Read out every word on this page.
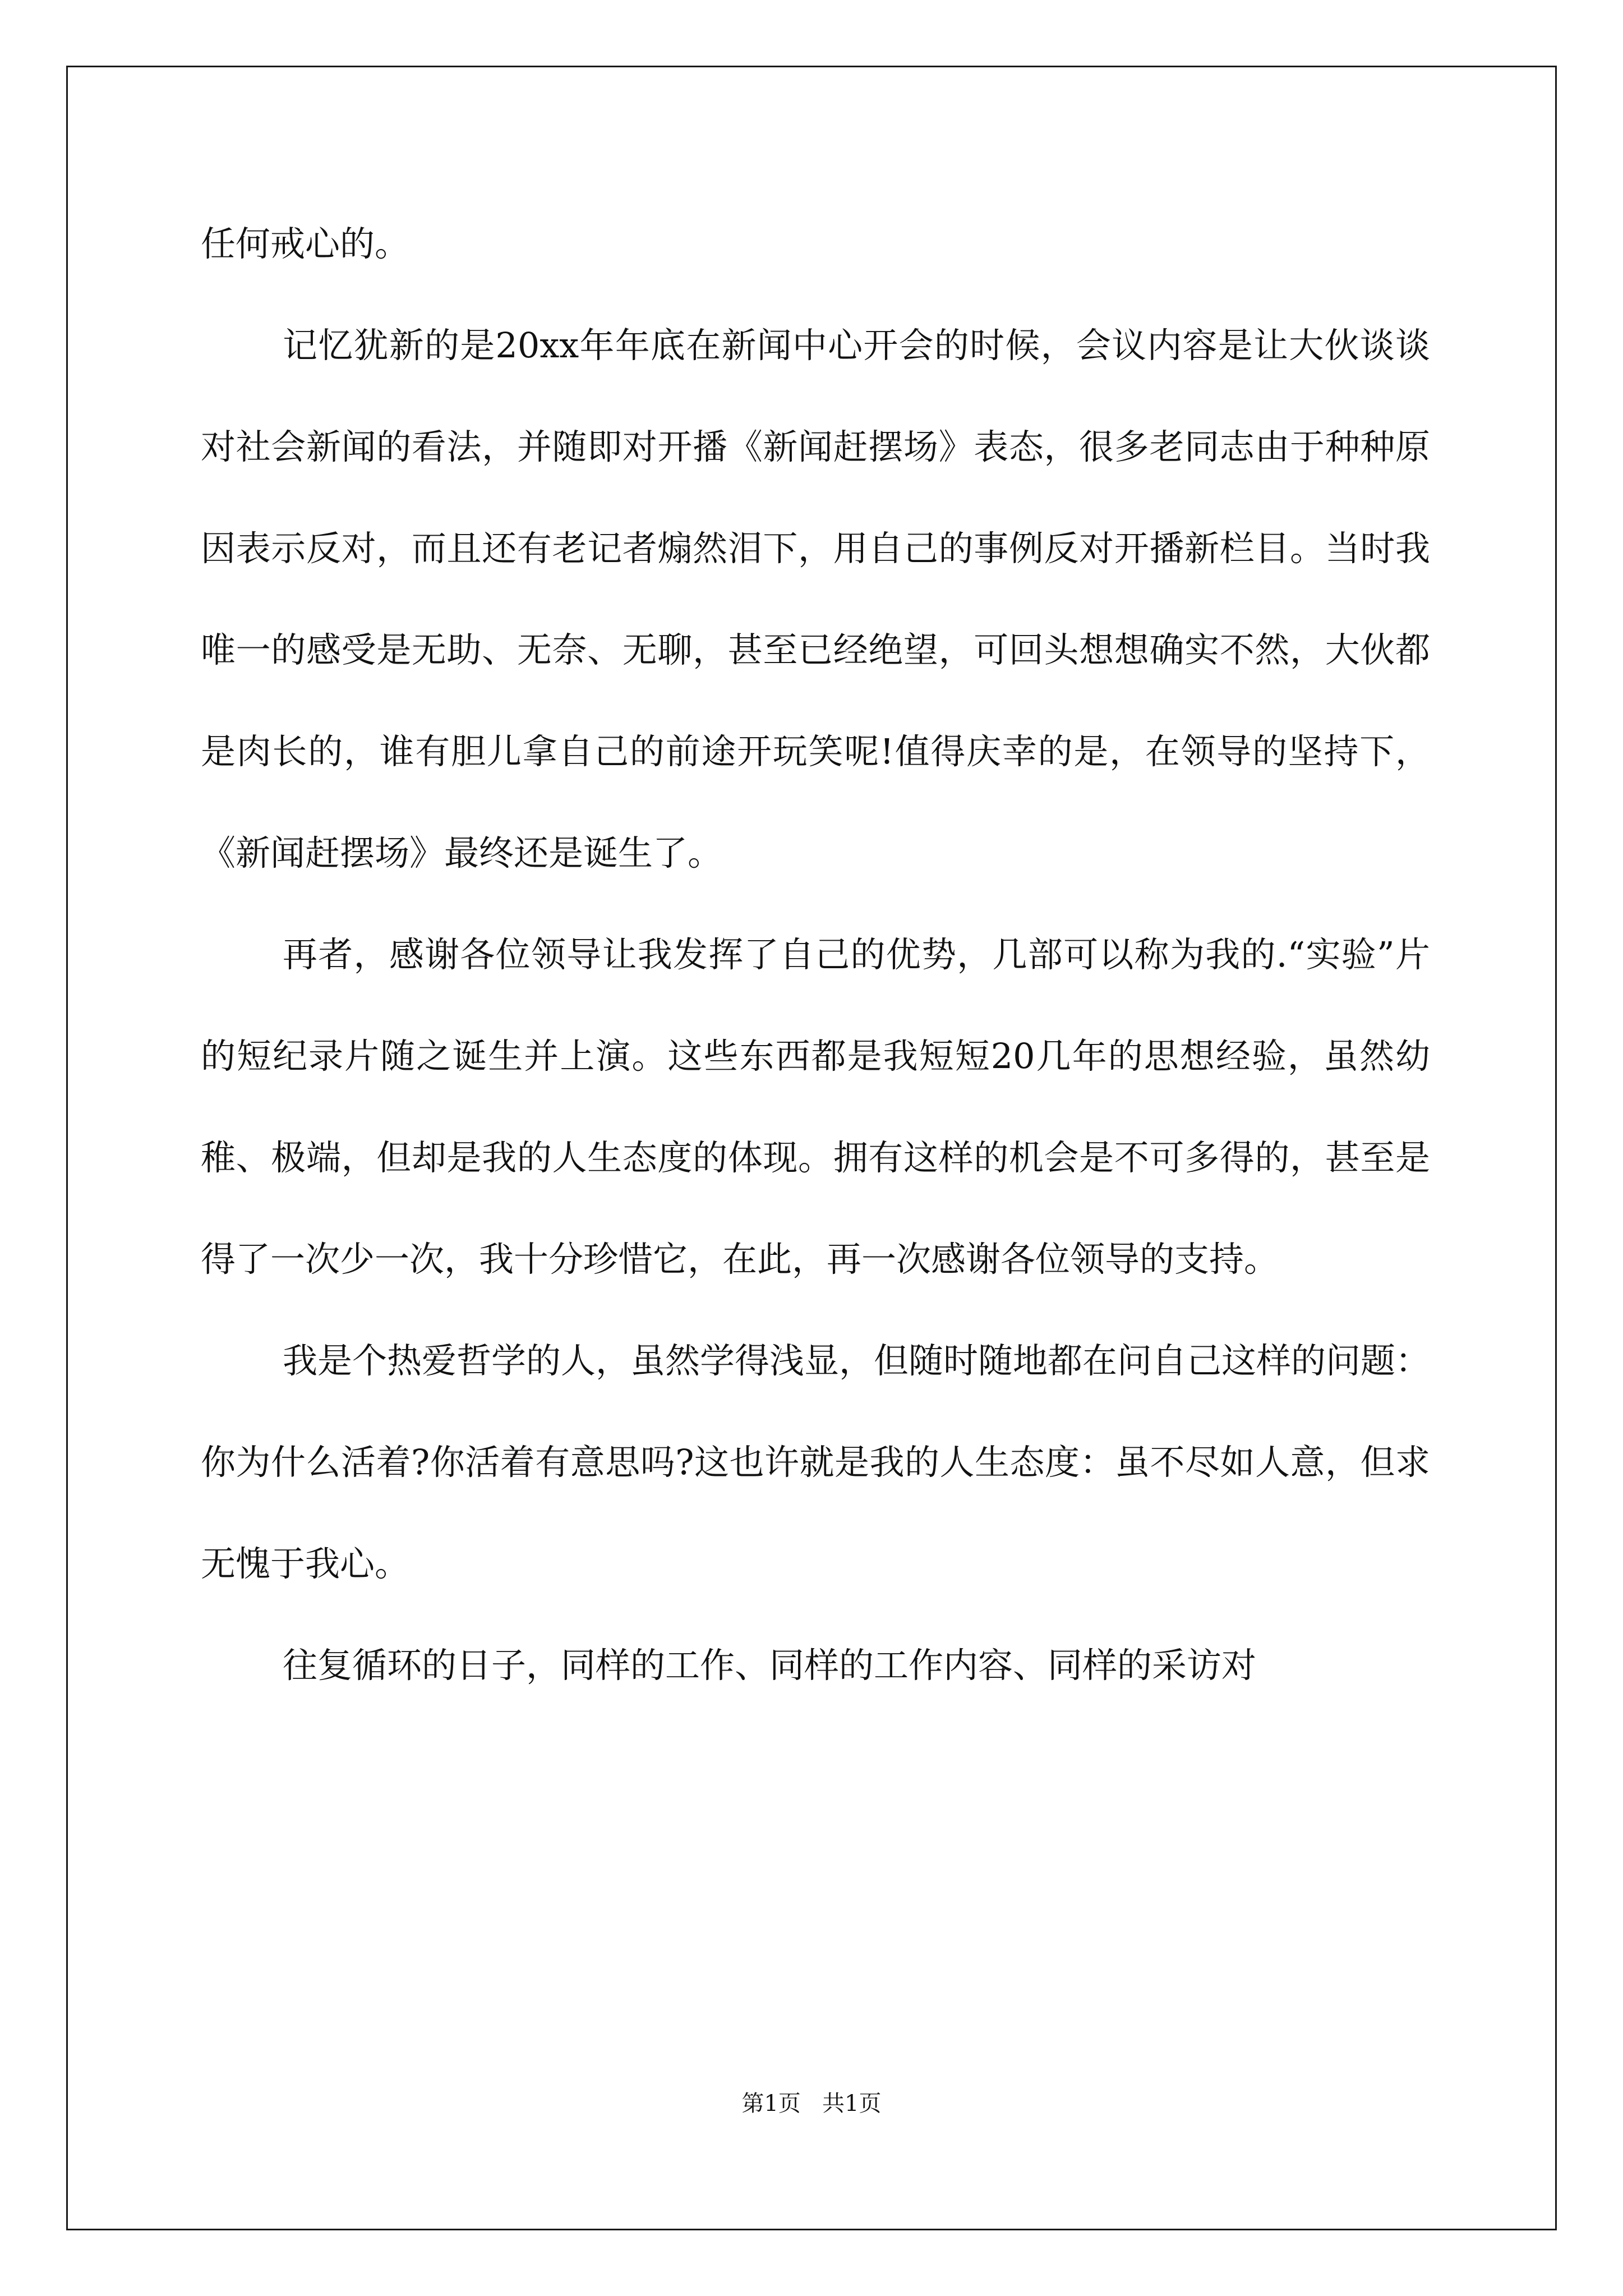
任何戒心的。

记忆犹新的是20xx年年底在新闻中心开会的时候，会议内容是让大伙谈谈对社会新闻的看法，并随即对开播《新闻赶摆场》表态，很多老同志由于种种原因表示反对，而且还有老记者煽然泪下，用自己的事例反对开播新栏目。当时我唯一的感受是无助、无奈、无聊，甚至已经绝望，可回头想想确实不然，大伙都是肉长的，谁有胆儿拿自己的前途开玩笑呢!值得庆幸的是，在领导的坚持下，《新闻赶摆场》最终还是诞生了。

再者，感谢各位领导让我发挥了自己的优势，几部可以称为我的.“实验”片的短纪录片随之诞生并上演。这些东西都是我短短20几年的思想经验，虽然幼稚、极端，但却是我的人生态度的体现。拥有这样的机会是不可多得的，甚至是得了一次少一次，我十分珍惜它，在此，再一次感谢各位领导的支持。

我是个热爱哲学的人，虽然学得浅显，但随时随地都在问自己这样的问题：你为什么活着?你活着有意思吗?这也许就是我的人生态度：虽不尽如人意，但求无愧于我心。

往复循环的日子，同样的工作、同样的工作内容、同样的采访对

第1页   共1页
